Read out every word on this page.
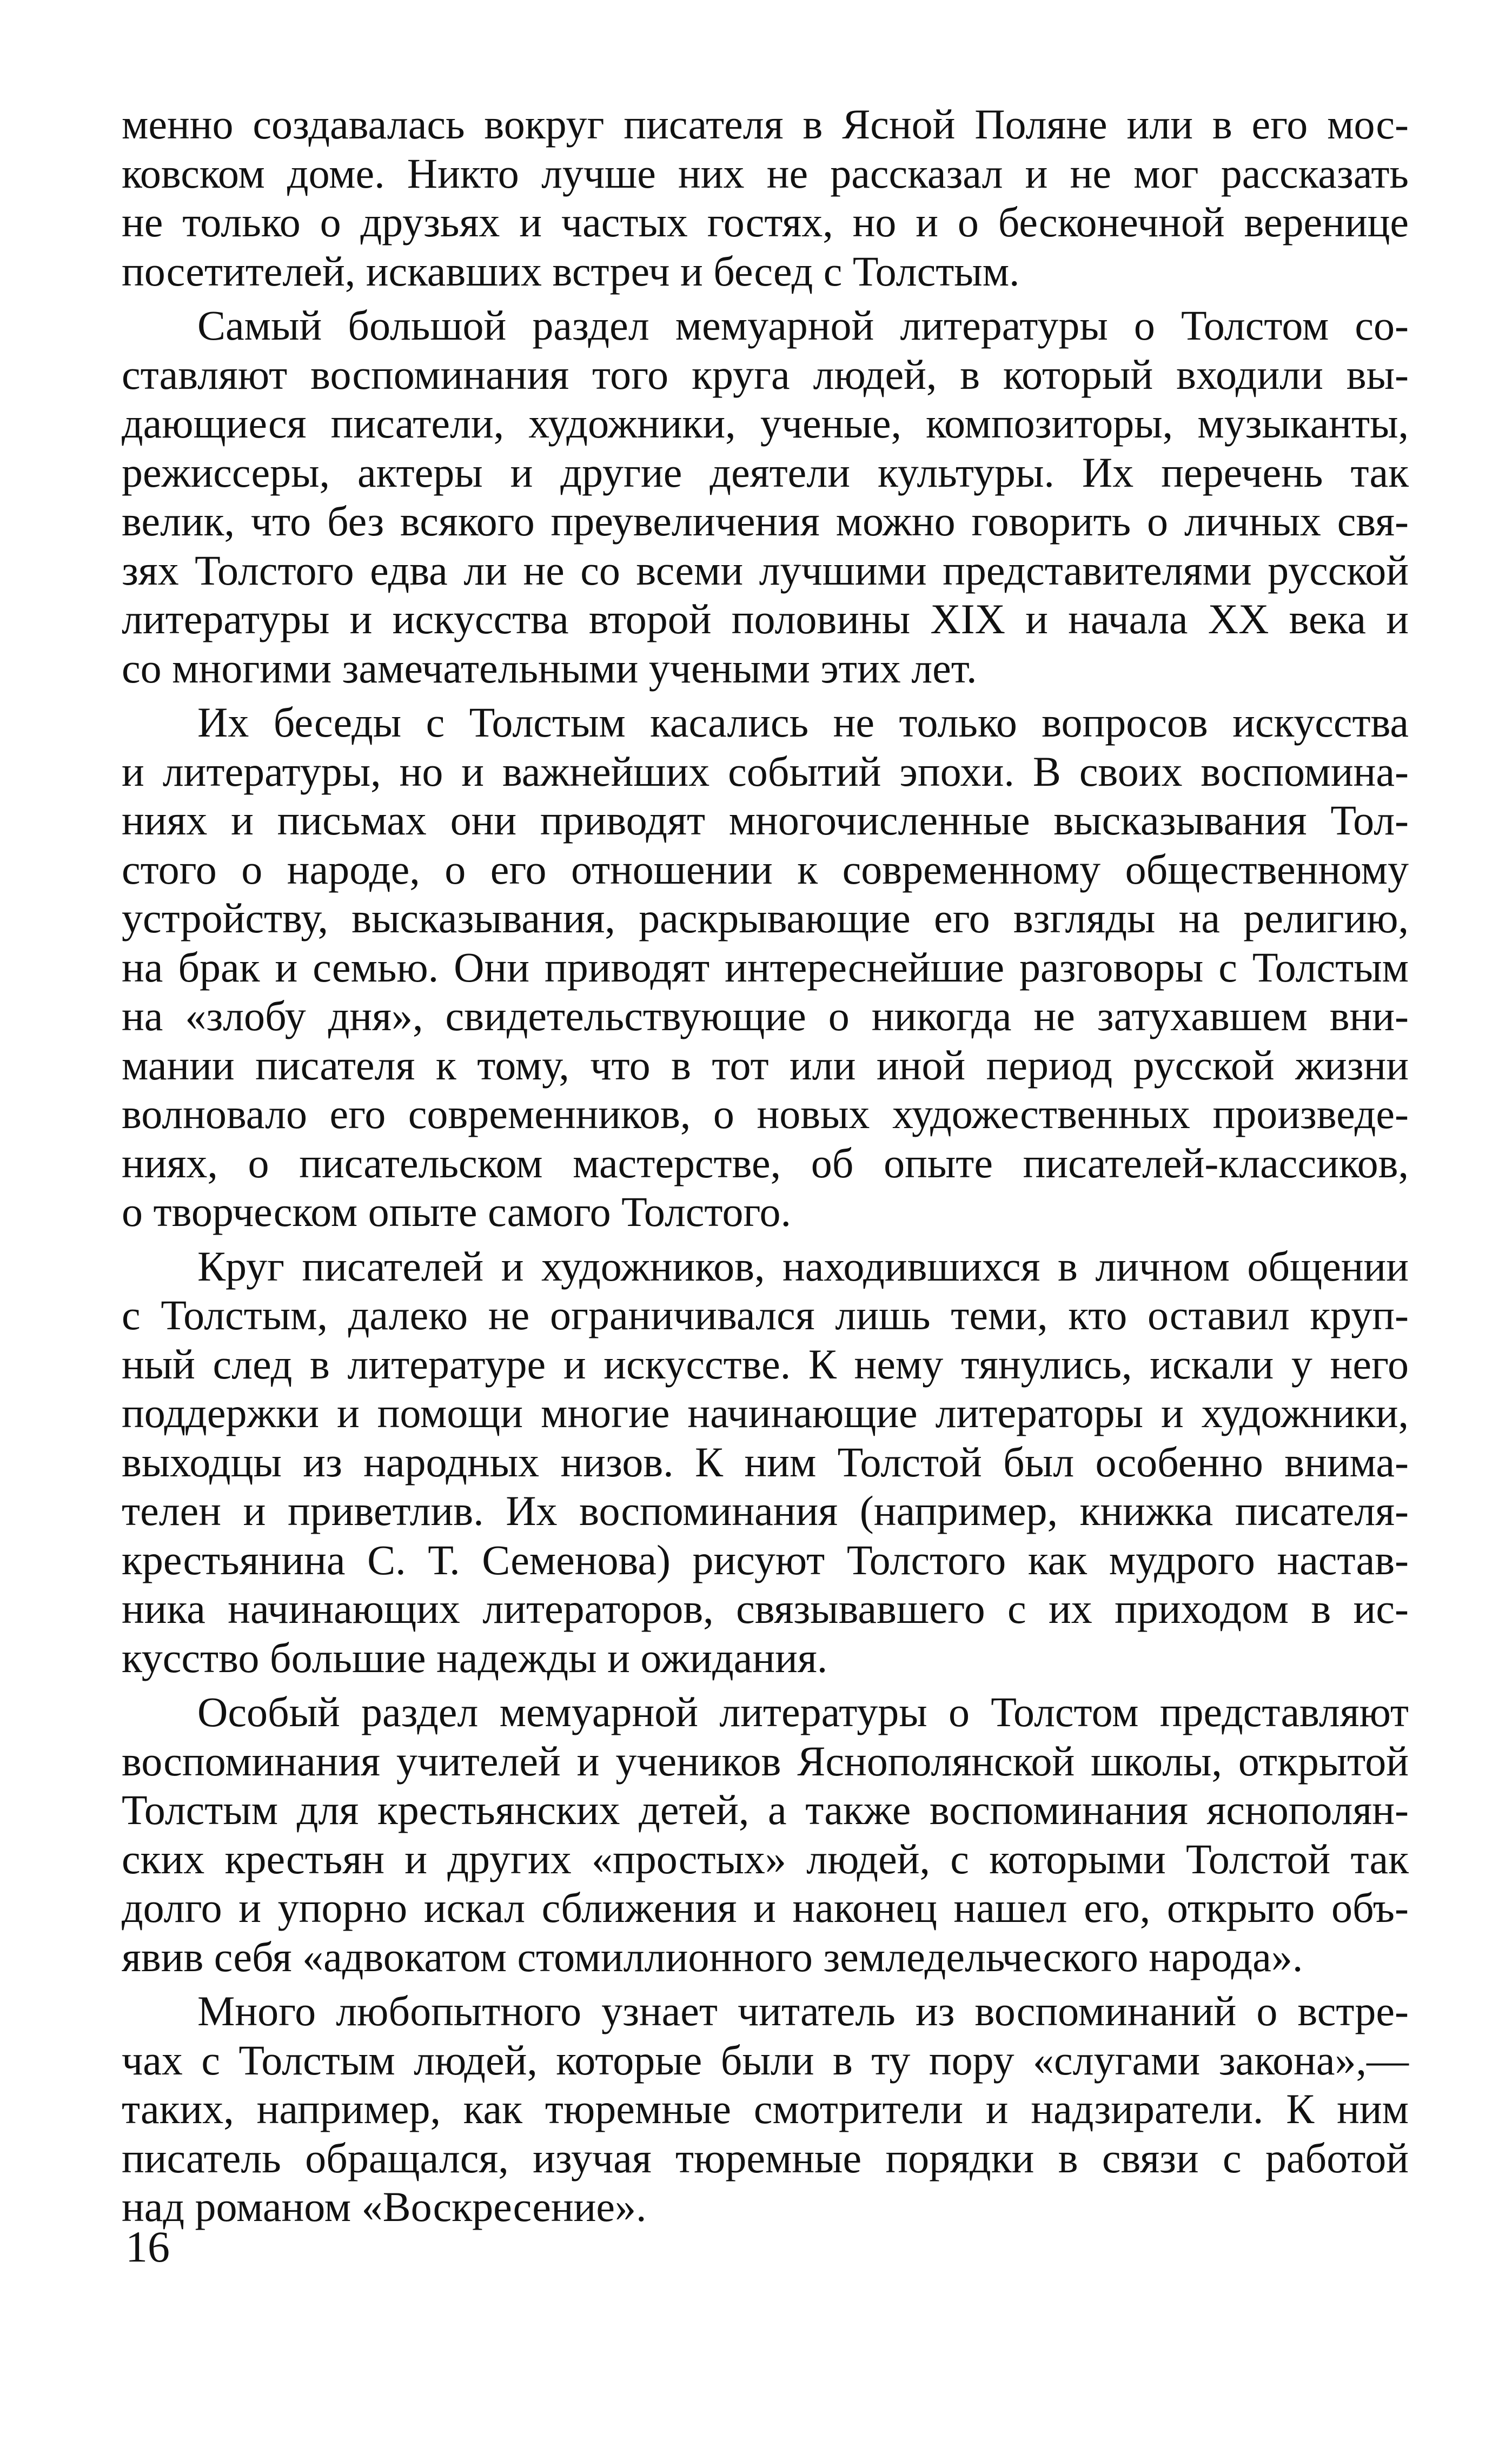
менно создавалась вокруг писателя в Ясной Поляне или в его мос-
ковском доме. Никто лучше них не рассказал и не мог рассказать
не только о друзьях и частых гостях, но и о бесконечной веренице
посетителей, искавших встреч и бесед с Толстым.

Самый большой раздел мемуарной литературы о Толстом со-
ставляют воспоминания того круга людей, в который входили вы-
дающиеся писатели, художники, ученые, композиторы, музыканты,
режиссеры, актеры и другие деятели культуры. Их перечень так
велик, что без всякого преувеличения можно говорить о личных свя-
зях Толстого едва ли не со всеми лучшими представителями русской
литературы и искусства второй половины XIX и начала XX века и
со многими замечательными учеными этих лет.

Их беседы с Толстым касались не только вопросов искусства
и литературы, но и важнейших событий эпохи. В своих воспомина-
ниях и письмах они приводят многочисленные высказывания Тол-
стого о народе, о его отношении к современному общественному
устройству, высказывания, раскрывающие его взгляды на религию,
на брак и семью. Они приводят интереснейшие разговоры с Толстым
на «злобу дня», свидетельствующие о никогда не затухавшем вни-
мании писателя к тому, что в тот или иной период русской жизни
волновало его современников, о новых художественных произведе-
ниях, о писательском мастерстве, об опыте писателей-классиков,
о творческом опыте самого Толстого.

Круг писателей и художников, находившихся в личном общении
с Толстым, далеко не ограничивался лишь теми, кто оставил круп-
ный след в литературе и искусстве. К нему тянулись, искали у него
поддержки и помощи многие начинающие литераторы и художники,
выходцы из народных низов. К ним Толстой был особенно внима-
телен и приветлив. Их воспоминания (например, книжка писателя-
крестьянина С. Т. Семенова) рисуют Толстого как мудрого настав-
ника начинающих литераторов, связывавшего с их приходом в ис-
кусство большие надежды и ожидания.

Особый раздел мемуарной литературы о Толстом представляют
воспоминания учителей и учеников Яснополянской школы, открытой
Толстым для крестьянских детей, а также воспоминания яснополян-
ских крестьян и других «простых» людей, с которыми Толстой так
долго и упорно искал сближения и наконец нашел его, открыто объ-
явив себя «адвокатом стомиллионного земледельческого народа».

Много любопытного узнает читатель из воспоминаний о встре-
чах с Толстым людей, которые были в ту пору «слугами закона»,—
таких, например, как тюремные смотрители и надзиратели. К ним
писатель обращался, изучая тюремные порядки в связи с работой
над романом «Воскресение».

16
